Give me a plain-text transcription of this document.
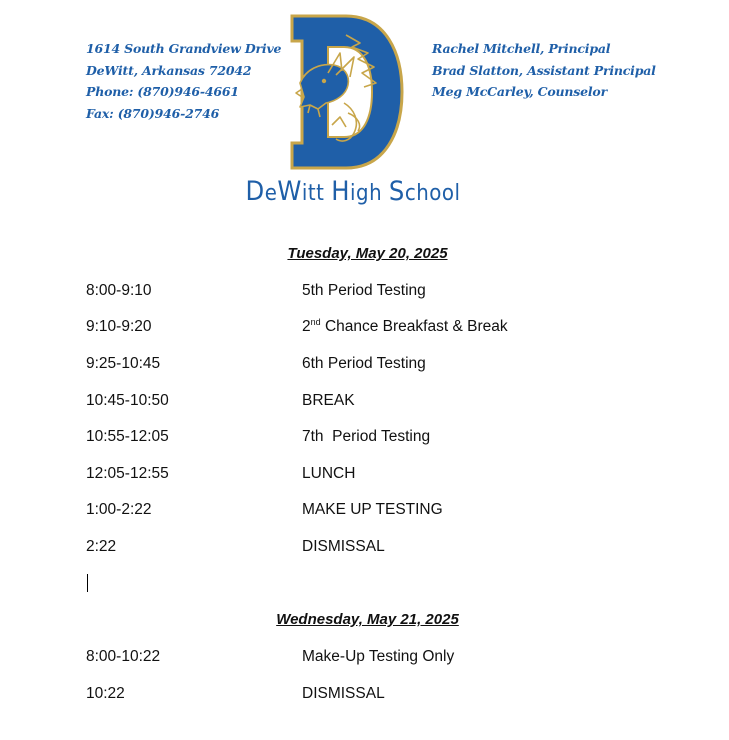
1614 South Grandview Drive
DeWitt, Arkansas 72042
Phone: (870)946-4661
Fax: (870)946-2746
Rachel Mitchell, Principal
Brad Slatton, Assistant Principal
Meg McCarley, Counselor
DeWitt High School
Tuesday, May 20, 2025
8:00-9:10	5th Period Testing
9:10-9:20	2nd Chance Breakfast & Break
9:25-10:45	6th Period Testing
10:45-10:50	BREAK
10:55-12:05	7th  Period Testing
12:05-12:55	LUNCH
1:00-2:22	MAKE UP TESTING
2:22	DISMISSAL
Wednesday, May 21, 2025
8:00-10:22	Make-Up Testing Only
10:22	DISMISSAL
